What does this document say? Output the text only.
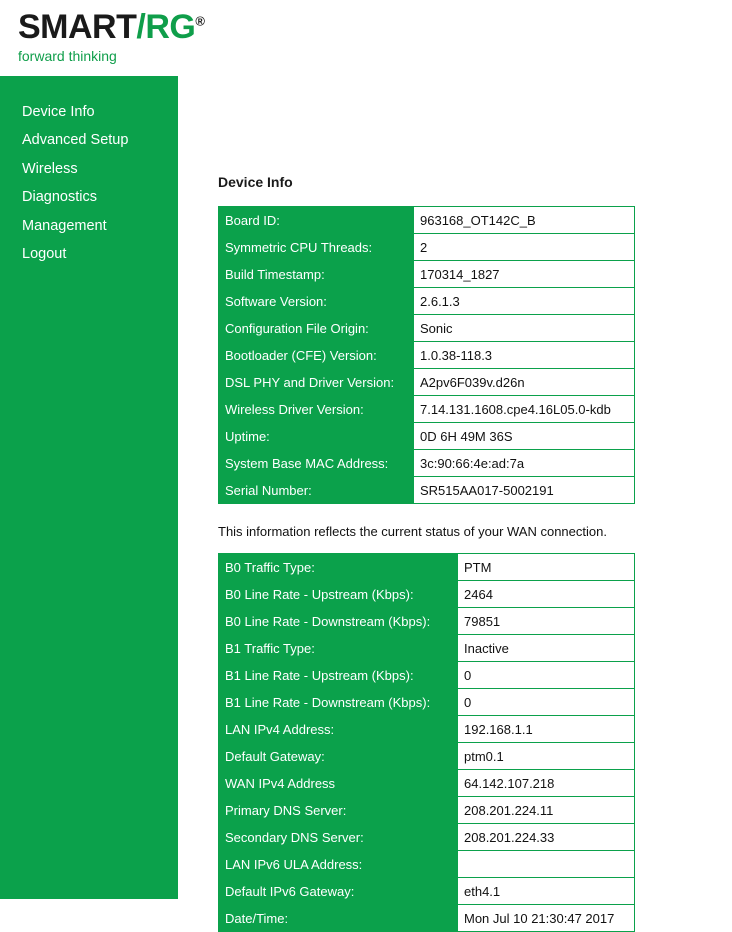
SMART/RG®
forward thinking
Device Info
Advanced Setup
Wireless
Diagnostics
Management
Logout
Device Info
Board ID:	963168_OT142C_B
Symmetric CPU Threads:	2
Build Timestamp:	170314_1827
Software Version:	2.6.1.3
Configuration File Origin:	Sonic
Bootloader (CFE) Version:	1.0.38-118.3
DSL PHY and Driver Version:	A2pv6F039v.d26n
Wireless Driver Version:	7.14.131.1608.cpe4.16L05.0-kdb
Uptime:	0D 6H 49M 36S
System Base MAC Address:	3c:90:66:4e:ad:7a
Serial Number:	SR515AA017-5002191

This information reflects the current status of your WAN connection.

B0 Traffic Type:	PTM
B0 Line Rate - Upstream (Kbps):	2464
B0 Line Rate - Downstream (Kbps):	79851
B1 Traffic Type:	Inactive
B1 Line Rate - Upstream (Kbps):	0
B1 Line Rate - Downstream (Kbps):	0
LAN IPv4 Address:	192.168.1.1
Default Gateway:	ptm0.1
WAN IPv4 Address	64.142.107.218
Primary DNS Server:	208.201.224.11
Secondary DNS Server:	208.201.224.33
LAN IPv6 ULA Address:	
Default IPv6 Gateway:	eth4.1
Date/Time:	Mon Jul 10 21:30:47 2017
